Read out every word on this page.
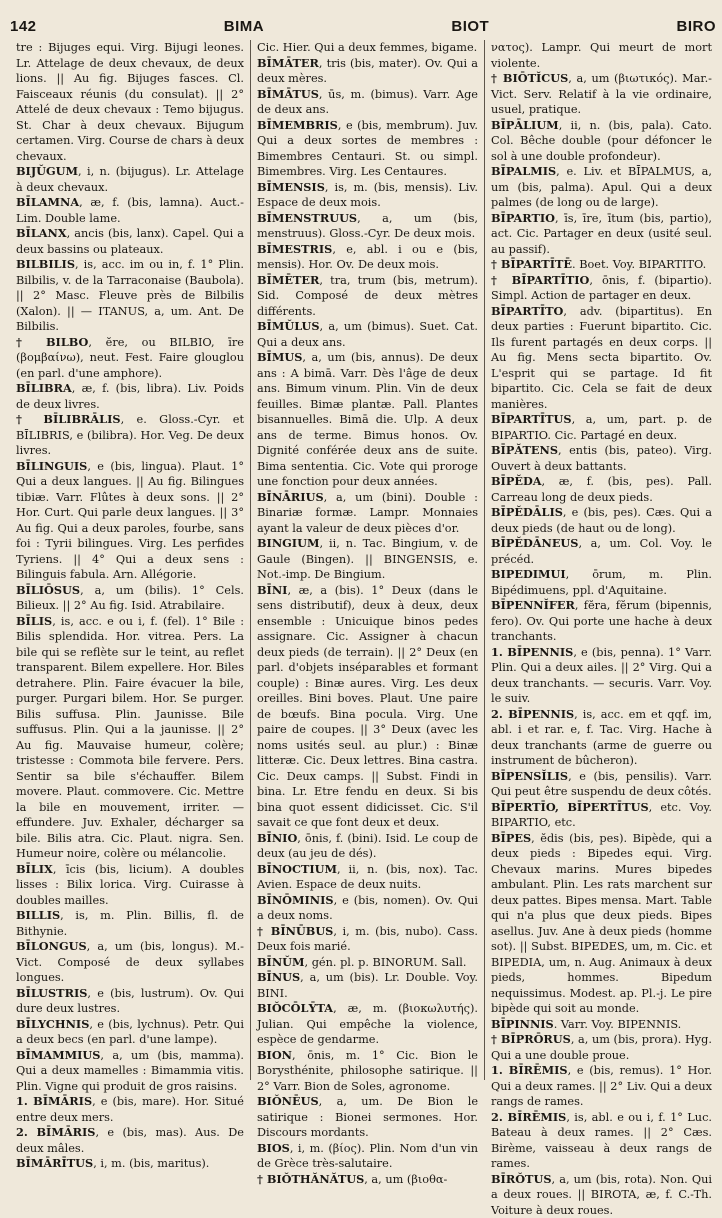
142	BIMA	BIOT	BIRO

tre : Bijuges equi. Virg. Bijugi leones. Lr. Attelage de deux chevaux, de deux lions. || Au fig. Bijuges fasces. Cl. Faisceaux réunis (du consulat). || 2° Attelé de deux chevaux : Temo bijugus. St. Char à deux chevaux. Bijugum certamen. Virg. Course de chars à deux chevaux.

BIJŬGUM, i, n. (bijugus). Lr. Attelage à deux chevaux.

BĪLAMNA, æ, f. (bis, lamna). Auct.-Lim. Double lame.

BĪLANX, ancis (bis, lanx). Capel. Qui a deux bassins ou plateaux.

BILBILIS, is, acc. im ou in, f. 1° Plin. Bilbilis, v. de la Tarraconaise (Baubola). || 2° Masc. Fleuve près de Bilbilis (Xalon). || — ITANUS, a, um. Ant. De Bilbilis.

† BILBO, ĕre, ou BILBIO, īre (βομβαίνω), neut. Fest. Faire glouglou (en parl. d'une amphore).

BĪLIBRA, æ, f. (bis, libra). Liv. Poids de deux livres.

† BĪLIBRĀLIS, e. Gloss.-Cyr. et BĪLIBRIS, e (bilibra). Hor. Veg. De deux livres.

BĪLINGUIS, e (bis, lingua). Plaut. 1° Qui a deux langues. || Au fig. Bilingues tibiæ. Varr. Flûtes à deux sons. || 2° Hor. Curt. Qui parle deux langues. || 3° Au fig. Qui a deux paroles, fourbe, sans foi : Tyrii bilingues. Virg. Les perfides Tyriens. || 4° Qui a deux sens : Bilinguis fabula. Arn. Allégorie.

BĪLIŌSUS, a, um (bilis). 1° Cels. Bilieux. || 2° Au fig. Isid. Atrabilaire.

BĪLIS, is, acc. e ou i, f. (fel). 1° Bile : Bilis splendida. Hor. vitrea. Pers. La bile qui se reflète sur le teint, au reflet transparent. Bilem expellere. Hor. Biles detrahere. Plin. Faire évacuer la bile, purger. Purgari bilem. Hor. Se purger. Bilis suffusa. Plin. Jaunisse. Bile suffusus. Plin. Qui a la jaunisse. || 2° Au fig. Mauvaise humeur, colère; tristesse : Commota bile fervere. Pers. Sentir sa bile s'échauffer. Bilem movere. Plaut. commovere. Cic. Mettre la bile en mouvement, irriter. — effundere. Juv. Exhaler, décharger sa bile. Bilis atra. Cic. Plaut. nigra. Sen. Humeur noire, colère ou mélancolie.

BĪLIX, īcis (bis, licium). A doubles lisses : Bilix lorica. Virg. Cuirasse à doubles mailles.

BILLIS, is, m. Plin. Billis, fl. de Bithynie.

BĪLONGUS, a, um (bis, longus). M.-Vict. Composé de deux syllabes longues.

BĪLUSTRIS, e (bis, lustrum). Ov. Qui dure deux lustres.

BĪLYCHNIS, e (bis, lychnus). Petr. Qui a deux becs (en parl. d'une lampe).

BĪMAMMIUS, a, um (bis, mamma). Qui a deux mamelles : Bimammia vitis. Plin. Vigne qui produit de gros raisins.

1. BĪMĀRIS, e (bis, mare). Hor. Situé entre deux mers.

2. BĪMĀRIS, e (bis, mas). Aus. De deux mâles.

BĪMĀRĪTUS, i, m. (bis, maritus).

Cic. Hier. Qui a deux femmes, bigame.

BĪMĀTER, tris (bis, mater). Ov. Qui a deux mères.

BĪMĀTUS, ūs, m. (bimus). Varr. Age de deux ans.

BĪMEMBRIS, e (bis, membrum). Juv. Qui a deux sortes de membres : Bimembres Centauri. St. ou simpl. Bimembres. Virg. Les Centaures.

BĪMENSIS, is, m. (bis, mensis). Liv. Espace de deux mois.

BĪMENSTRUUS, a, um (bis, menstruus). Gloss.-Cyr. De deux mois.

BĪMESTRIS, e, abl. i ou e (bis, mensis). Hor. Ov. De deux mois.

BĪMĒTER, tra, trum (bis, metrum). Sid. Composé de deux mètres différents.

BĪMŬLUS, a, um (bimus). Suet. Cat. Qui a deux ans.

BĪMUS, a, um (bis, annus). De deux ans : A bimā. Varr. Dès l'âge de deux ans. Bimum vinum. Plin. Vin de deux feuilles. Bimæ plantæ. Pall. Plantes bisannuelles. Bimā die. Ulp. A deux ans de terme. Bimus honos. Ov. Dignité conférée deux ans de suite. Bima sententia. Cic. Vote qui proroge une fonction pour deux années.

BĪNĀRIUS, a, um (bini). Double : Binariæ formæ. Lampr. Monnaies ayant la valeur de deux pièces d'or.

BINGIUM, ii, n. Tac. Bingium, v. de Gaule (Bingen). || BINGENSIS, e. Not.-imp. De Bingium.

BĪNI, æ, a (bis). 1° Deux (dans le sens distributif), deux à deux, deux ensemble : Unicuique binos pedes assignare. Cic. Assigner à chacun deux pieds (de terrain). || 2° Deux (en parl. d'objets inséparables et formant couple) : Binæ aures. Virg. Les deux oreilles. Bini boves. Plaut. Une paire de bœufs. Bina pocula. Virg. Une paire de coupes. || 3° Deux (avec les noms usités seul. au plur.) : Binæ litteræ. Cic. Deux lettres. Bina castra. Cic. Deux camps. || Subst. Findi in bina. Lr. Etre fendu en deux. Si bis bina quot essent didicisset. Cic. S'il savait ce que font deux et deux.

BĪNIO, ōnis, f. (bini). Isid. Le coup de deux (au jeu de dés).

BĪNOCTIUM, ii, n. (bis, nox). Tac. Avien. Espace de deux nuits.

BĪNŌMINIS, e (bis, nomen). Ov. Qui a deux noms.

† BĪNŪBUS, i, m. (bis, nubo). Cass. Deux fois marié.

BĪNŬM, gén. pl. p. BINORUM. Sall.

BĪNUS, a, um (bis). Lr. Double. Voy. BINI.

BIŎCŌLȲTA, æ, m. (βιοκωλυτής). Julian. Qui empêche la violence, espèce de gendarme.

BION, ōnis, m. 1° Cic. Bion le Borysthénite, philosophe satirique. || 2° Varr. Bion de Soles, agronome.

BIŎNĒUS, a, um. De Bion le satirique : Bionei sermones. Hor. Discours mordants.

BIOS, i, m. (βίος). Plin. Nom d'un vin de Grèce très-salutaire.

† BIŎTHĂNĂTUS, a, um (βιοθα-

νατος). Lampr. Qui meurt de mort violente.

† BIŌTĬCUS, a, um (βιωτικός). Mar.-Vict. Serv. Relatif à la vie ordinaire, usuel, pratique.

BĪPĀLIUM, ii, n. (bis, pala). Cato. Col. Bêche double (pour défoncer le sol à une double profondeur).

BĪPALMIS, e. Liv. et BĪPALMUS, a, um (bis, palma). Apul. Qui a deux palmes (de long ou de large).

BĪPARTIO, īs, īre, ītum (bis, partio), act. Cic. Partager en deux (usité seul. au passif).

† BĪPARTĪTĒ. Boet. Voy. BIPARTITO.

† BĪPARTĪTIO, ōnis, f. (bipartio). Simpl. Action de partager en deux.

BĪPARTĪTO, adv. (bipartitus). En deux parties : Fuerunt bipartito. Cic. Ils furent partagés en deux corps. || Au fig. Mens secta bipartito. Ov. L'esprit qui se partage. Id fit bipartito. Cic. Cela se fait de deux manières.

BĪPARTĪTUS, a, um, part. p. de BIPARTIO. Cic. Partagé en deux.

BĪPĂTENS, entis (bis, pateo). Virg. Ouvert à deux battants.

BĪPĔDA, æ, f. (bis, pes). Pall. Carreau long de deux pieds.

BĪPĔDĀLIS, e (bis, pes). Cæs. Qui a deux pieds (de haut ou de long).

BĪPĔDĀNEUS, a, um. Col. Voy. le précéd.

BIPEDIMUI, ōrum, m. Plin. Bipédimuens, ppl. d'Aquitaine.

BĪPENNĬFER, fĕra, fĕrum (bipennis, fero). Ov. Qui porte une hache à deux tranchants.

1. BĪPENNIS, e (bis, penna). 1° Varr. Plin. Qui a deux ailes. || 2° Virg. Qui a deux tranchants. — securis. Varr. Voy. le suiv.

2. BĪPENNIS, is, acc. em et qqf. im, abl. i et rar. e, f. Tac. Virg. Hache à deux tranchants (arme de guerre ou instrument de bûcheron).

BĪPENSĬLIS, e (bis, pensilis). Varr. Qui peut être suspendu de deux côtés.

BĪPERTĪO, BĪPERTĪTUS, etc. Voy. BIPARTIO, etc.

BĪPES, ĕdis (bis, pes). Bipède, qui a deux pieds : Bipedes equi. Virg. Chevaux marins. Mures bipedes ambulant. Plin. Les rats marchent sur deux pattes. Bipes mensa. Mart. Table qui n'a plus que deux pieds. Bipes asellus. Juv. Ane à deux pieds (homme sot). || Subst. BIPEDES, um, m. Cic. et BIPEDIA, um, n. Aug. Animaux à deux pieds, hommes. Bipedum nequissimus. Modest. ap. Pl.-j. Le pire bipède qui soit au monde.

BĪPINNIS. Varr. Voy. BIPENNIS.

† BĪPRŌRUS, a, um (bis, prora). Hyg. Qui a une double proue.

1. BĪRĒMIS, e (bis, remus). 1° Hor. Qui a deux rames. || 2° Liv. Qui a deux rangs de rames.

2. BĪRĒMIS, is, abl. e ou i, f. 1° Luc. Bateau à deux rames. || 2° Cæs. Birème, vaisseau à deux rangs de rames.

BĪRŎTUS, a, um (bis, rota). Non. Qui a deux roues. || BIROTA, æ, f. C.-Th. Voiture à deux roues.
